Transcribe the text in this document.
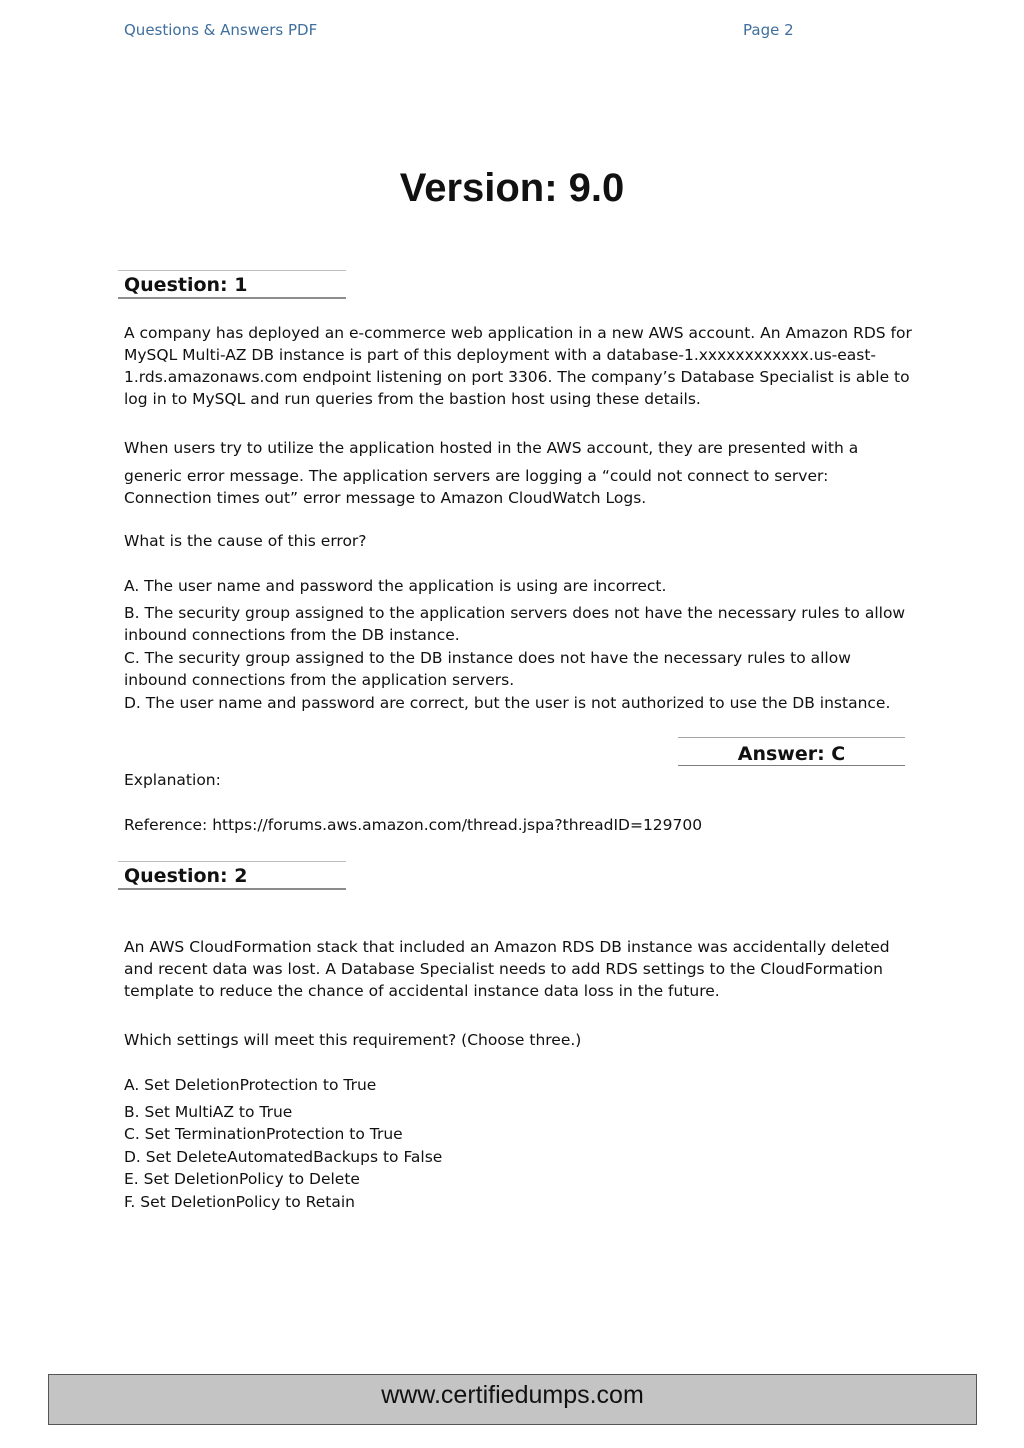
Questions & Answers PDF	Page 2
Version: 9.0
Question: 1

A company has deployed an e-commerce web application in a new AWS account. An Amazon RDS for MySQL Multi-AZ DB instance is part of this deployment with a database-1.xxxxxxxxxxxx.us-east-1.rds.amazonaws.com endpoint listening on port 3306. The company’s Database Specialist is able to log in to MySQL and run queries from the bastion host using these details.

When users try to utilize the application hosted in the AWS account, they are presented with a

generic error message. The application servers are logging a “could not connect to server: Connection times out” error message to Amazon CloudWatch Logs.

What is the cause of this error?

A. The user name and password the application is using are incorrect.

B. The security group assigned to the application servers does not have the necessary rules to allow inbound connections from the DB instance.

C. The security group assigned to the DB instance does not have the necessary rules to allow inbound connections from the application servers.

D. The user name and password are correct, but the user is not authorized to use the DB instance.

Answer: C

Explanation:

Reference: https://forums.aws.amazon.com/thread.jspa?threadID=129700

Question: 2

An AWS CloudFormation stack that included an Amazon RDS DB instance was accidentally deleted and recent data was lost. A Database Specialist needs to add RDS settings to the CloudFormation template to reduce the chance of accidental instance data loss in the future.

Which settings will meet this requirement? (Choose three.)

A. Set DeletionProtection to True

B. Set MultiAZ to True

C. Set TerminationProtection to True

D. Set DeleteAutomatedBackups to False

E. Set DeletionPolicy to Delete

F. Set DeletionPolicy to Retain

www.certifiedumps.com
